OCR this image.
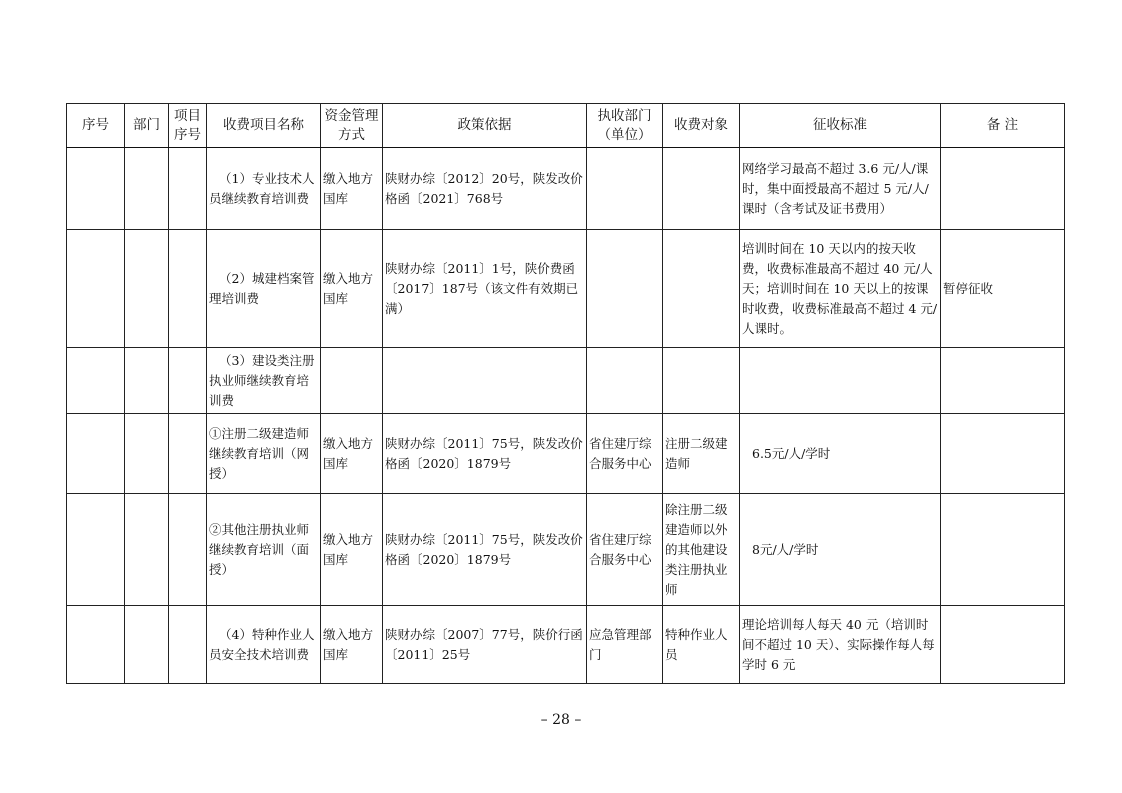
序号	部门	项目序号	收费项目名称	资金管理方式	政策依据	执收部门（单位）	收费对象	征收标准	备 注
			（1）专业技术人员继续教育培训费	缴入地方国库	陕财办综〔2012〕20号，陕发改价格函〔2021〕768号			网络学习最高不超过 3.6 元/人/课时，集中面授最高不超过 5 元/人/课时（含考试及证书费用）	
			（2）城建档案管理培训费	缴入地方国库	陕财办综〔2011〕1号，陕价费函〔2017〕187号（该文件有效期已满）			培训时间在 10 天以内的按天收费，收费标准最高不超过 40 元/人天；培训时间在 10 天以上的按课时收费，收费标准最高不超过 4 元/人课时。	暂停征收
			（3）建设类注册执业师继续教育培训费						
			①注册二级建造师继续教育培训（网授）	缴入地方国库	陕财办综〔2011〕75号，陕发改价格函〔2020〕1879号	省住建厅综合服务中心	注册二级建造师	6.5元/人/学时	
			②其他注册执业师继续教育培训（面授）	缴入地方国库	陕财办综〔2011〕75号，陕发改价格函〔2020〕1879号	省住建厅综合服务中心	除注册二级建造师以外的其他建设类注册执业师	8元/人/学时	
			（4）特种作业人员安全技术培训费	缴入地方国库	陕财办综〔2007〕77号，陕价行函〔2011〕25号	应急管理部门	特种作业人员	理论培训每人每天 40 元（培训时间不超过 10 天）、实际操作每人每学时 6 元	
– 28 –
